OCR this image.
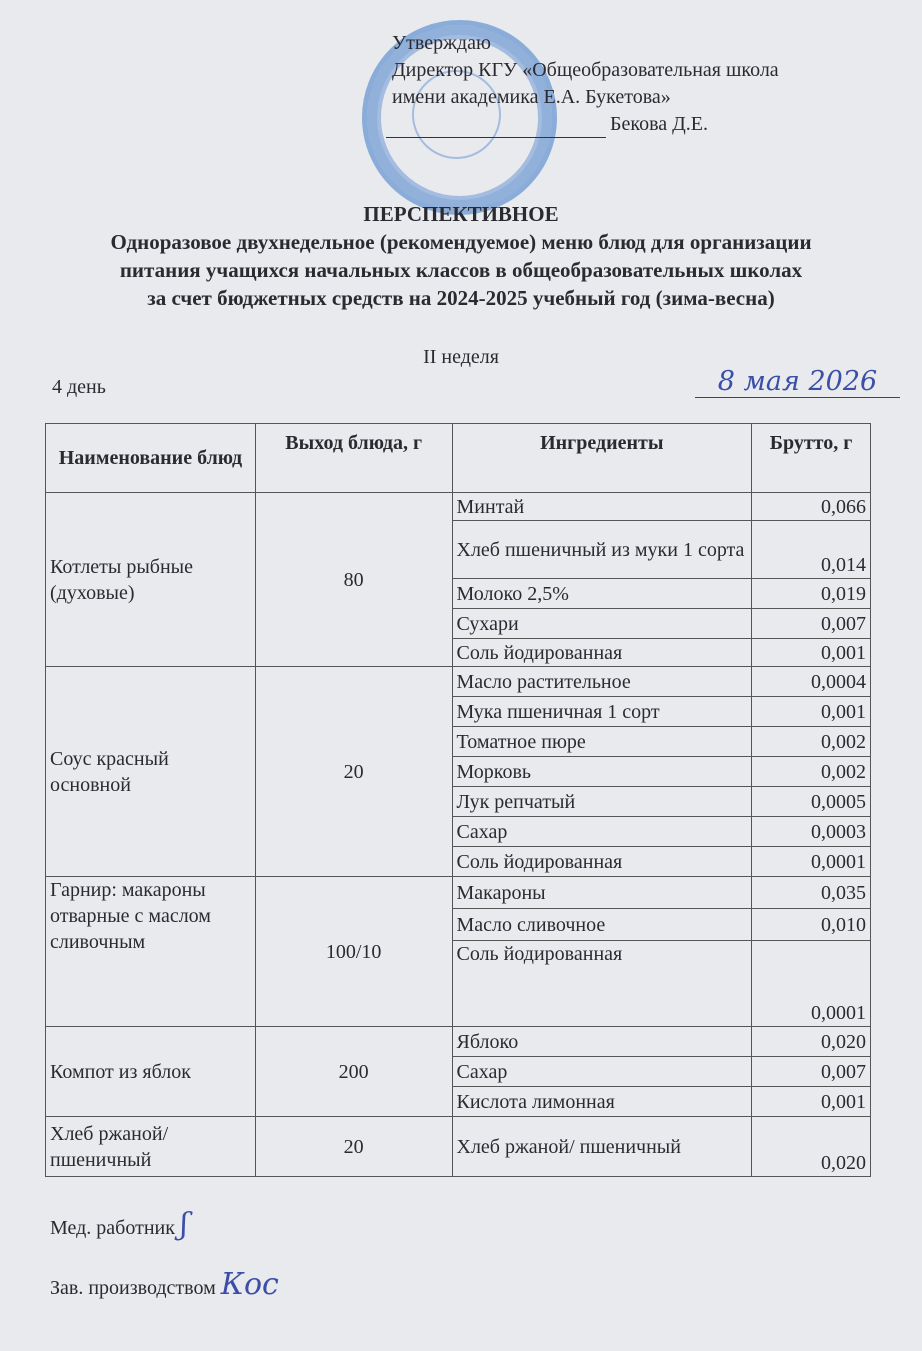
Утверждаю
Директор КГУ «Общеобразовательная школа
имени академика Е.А. Букетова»
Бекова Д.Е.
ПЕРСПЕКТИВНОЕ
Одноразовое двухнедельное (рекомендуемое) меню блюд для организации
питания учащихся начальных классов в общеобразовательных школах
за счет бюджетных средств на 2024-2025 учебный год (зима-весна)
II неделя
4 день	8 мая 2026
Наименование блюд	Выход блюда, г	Ингредиенты	Брутто, г
Котлеты рыбные (духовые)	80	Минтай	0,066
		Хлеб пшеничный из муки 1 сорта	0,014
		Молоко 2,5%	0,019
		Сухари	0,007
		Соль йодированная	0,001
Соус красный основной	20	Масло растительное	0,0004
		Мука пшеничная 1 сорт	0,001
		Томатное пюре	0,002
		Морковь	0,002
		Лук репчатый	0,0005
		Сахар	0,0003
		Соль йодированная	0,0001
Гарнир: макароны отварные с маслом сливочным	100/10	Макароны	0,035
		Масло сливочное	0,010
		Соль йодированная	0,0001
Компот из яблок	200	Яблоко	0,020
		Сахар	0,007
		Кислота лимонная	0,001
Хлеб ржаной/ пшеничный	20	Хлеб ржаной/ пшеничный	0,020
Мед. работник ʃ
Зав. производством Кос
